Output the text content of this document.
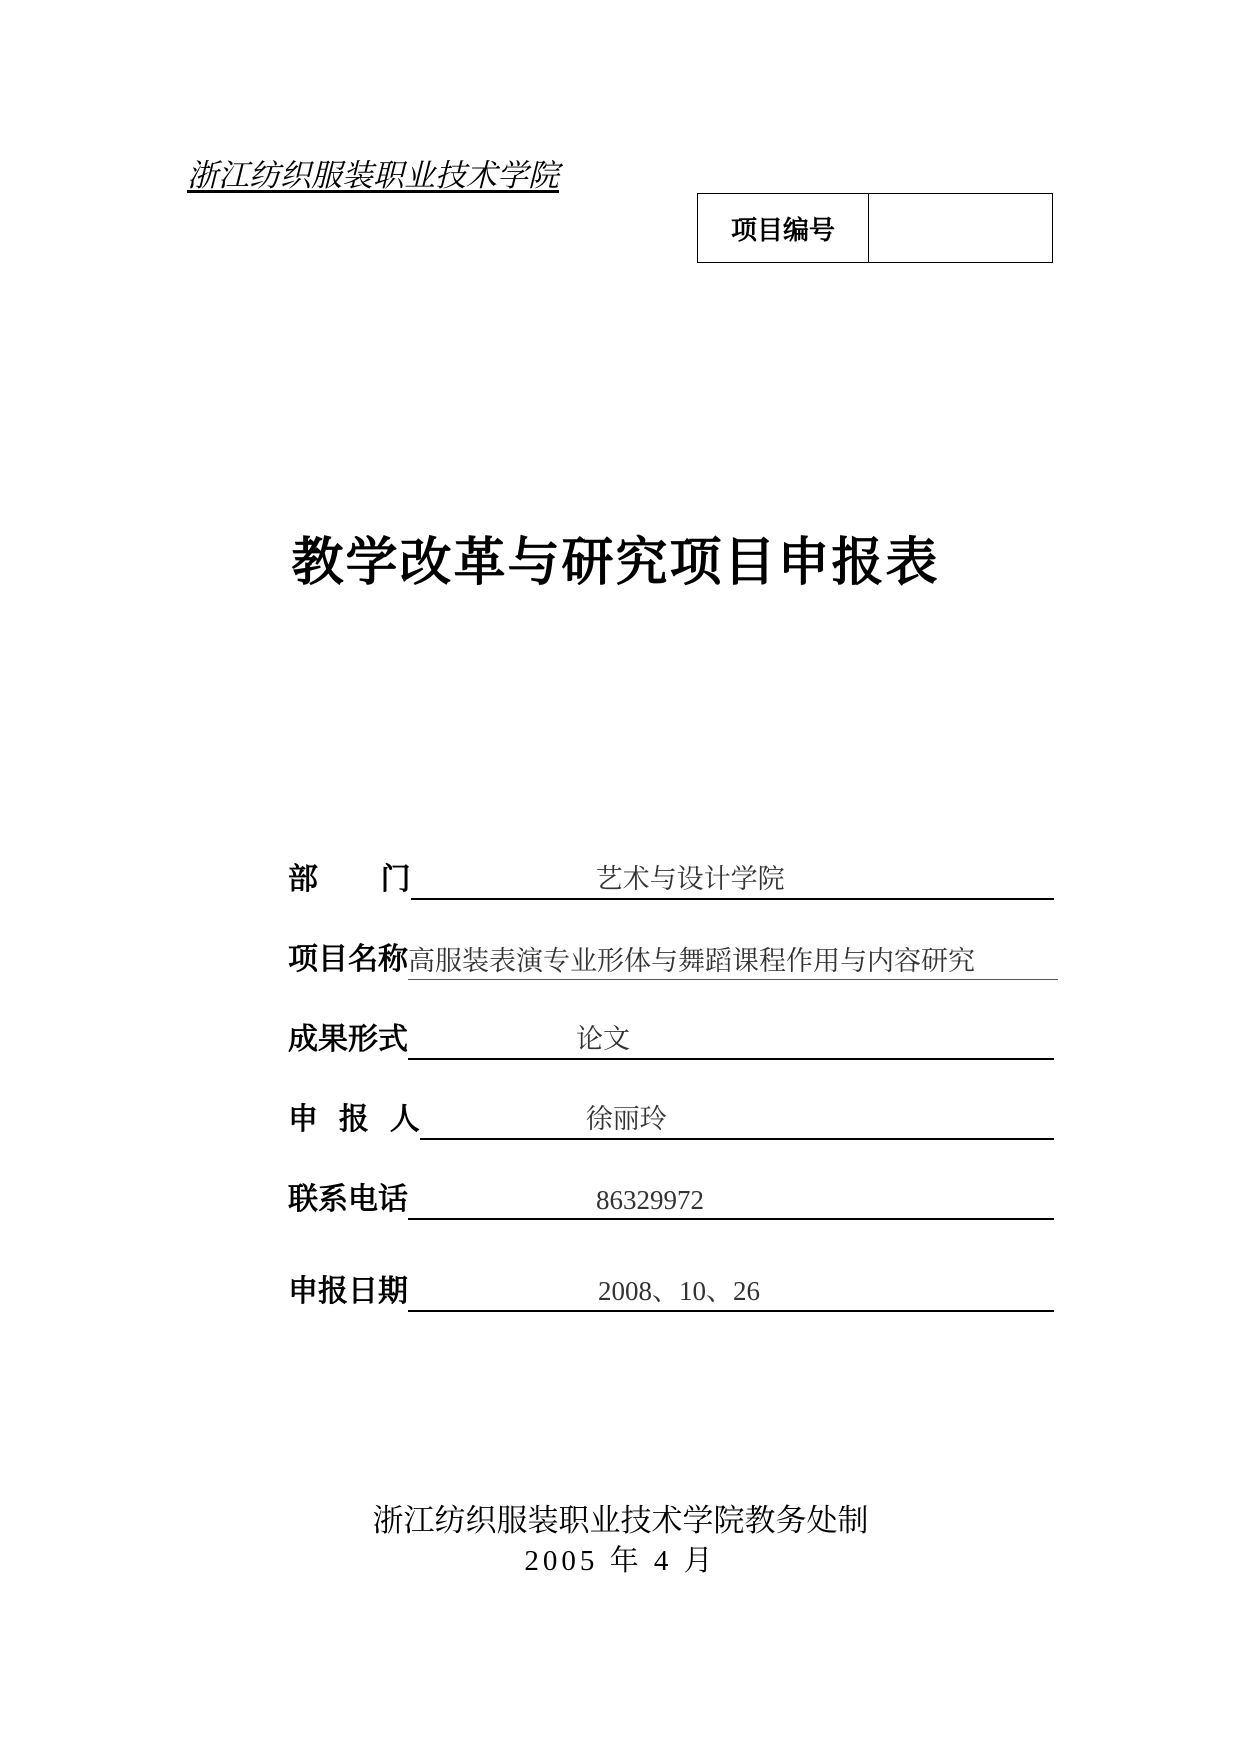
浙江纺织服装职业技术学院
项目编号
教学改革与研究项目申报表
部      门	艺术与设计学院
项目名称 高服装表演专业形体与舞蹈课程作用与内容研究
成果形式	论文
申  报  人	徐丽玲
联系电话	86329972
申报日期	2008、10、26
浙江纺织服装职业技术学院教务处制
2005 年 4 月
